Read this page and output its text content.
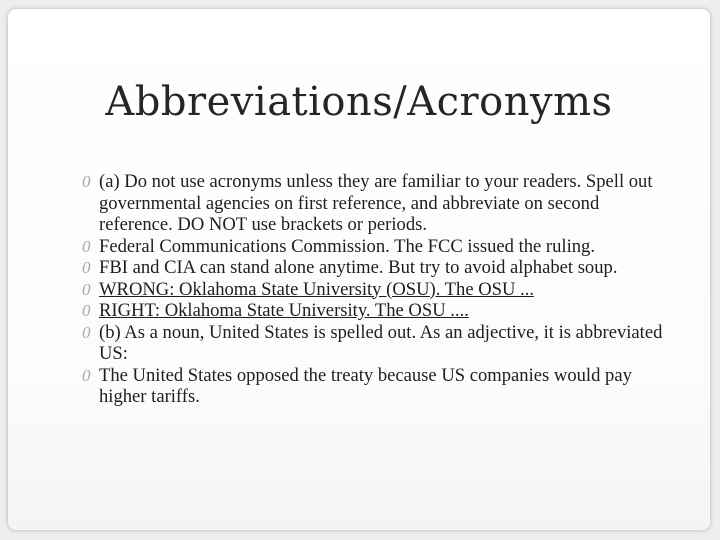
Abbreviations/Acronyms
0 (a) Do not use acronyms unless they are familiar to your readers. Spell out governmental agencies on first reference, and abbreviate on second reference. DO NOT use brackets or periods.
0 Federal Communications Commission. The FCC issued the ruling.
0 FBI and CIA can stand alone anytime. But try to avoid alphabet soup.
0 WRONG: Oklahoma State University (OSU). The OSU ...
0 RIGHT: Oklahoma State University. The OSU ....
0 (b) As a noun, United States is spelled out. As an adjective, it is abbreviated US:
0 The United States opposed the treaty because US companies would pay higher tariffs.
